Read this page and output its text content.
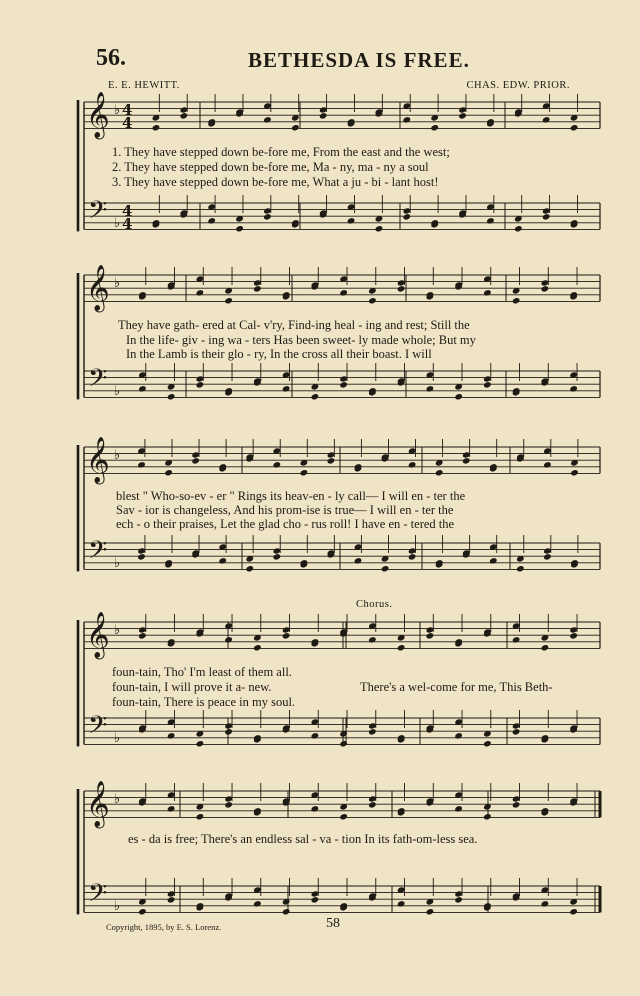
56.	BETHESDA IS FREE.
E. E. HEWITT.	CHAS. EDW. PRIOR.
Chorus.
𝄞
𝄢
♭
♭
4
4
4
4
𝄞
𝄢
♭
♭
𝄞
𝄢
♭
♭
𝄞
𝄢
♭
♭
𝄞
𝄢
♭
♭
1. They have stepped down be-fore me, From the east and the west;
2. They have stepped down be-fore me, Ma - ny, ma - ny a soul
3. They have stepped down be-fore me, What a ju - bi - lant host!
They have gath- ered at Cal- v'ry, Find-ing heal - ing and rest; Still the
In the life- giv - ing wa - ters Has been sweet- ly made whole; But my
In the Lamb is their glo - ry, In the cross all their boast. I will
blest " Who-so-ev - er " Rings its heav-en - ly call— I will en - ter the
Sav - ior is changeless, And his prom-ise is true— I will en - ter the
ech - o their praises, Let the glad cho - rus roll! I have en - tered the
foun-tain, Tho' I'm least of them all.
foun-tain, I will prove it a- new.
foun-tain, There is peace in my soul.
There's a wel-come for me, This Beth-
es - da is free; There's an endless sal - va - tion In its fath-om-less sea.
Copyright, 1895, by E. S. Lorenz.	58
